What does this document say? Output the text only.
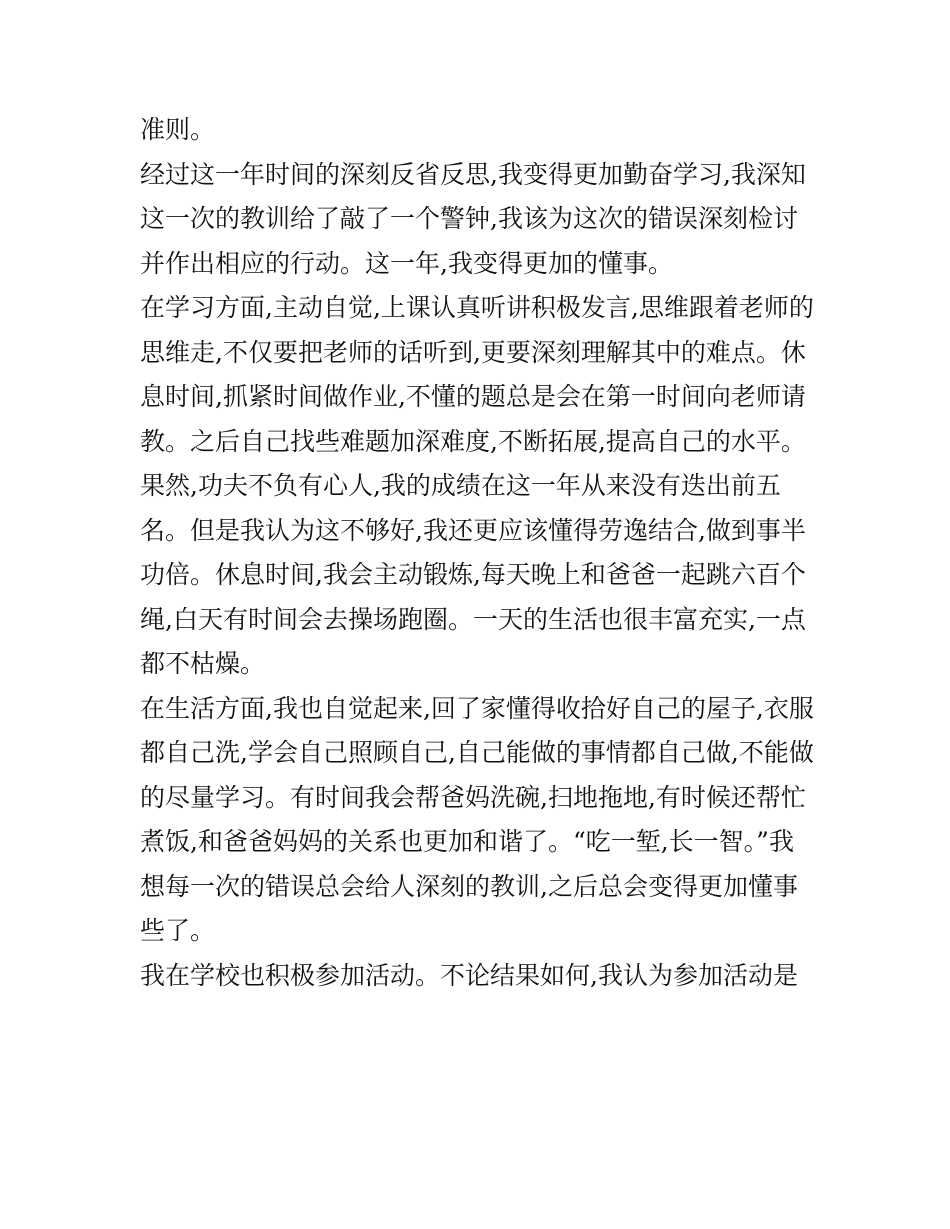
准则。
经过这一年时间的深刻反省反思,我变得更加勤奋学习,我深知
这一次的教训给了敲了一个警钟,我该为这次的错误深刻检讨
并作出相应的行动。这一年,我变得更加的懂事。
在学习方面,主动自觉,上课认真听讲积极发言,思维跟着老师的
思维走,不仅要把老师的话听到,更要深刻理解其中的难点。休
息时间,抓紧时间做作业,不懂的题总是会在第一时间向老师请
教。之后自己找些难题加深难度,不断拓展,提高自己的水平。
果然,功夫不负有心人,我的成绩在这一年从来没有迭出前五
名。但是我认为这不够好,我还更应该懂得劳逸结合,做到事半
功倍。休息时间,我会主动锻炼,每天晚上和爸爸一起跳六百个
绳,白天有时间会去操场跑圈。一天的生活也很丰富充实,一点
都不枯燥。
在生活方面,我也自觉起来,回了家懂得收拾好自己的屋子,衣服
都自己洗,学会自己照顾自己,自己能做的事情都自己做,不能做
的尽量学习。有时间我会帮爸妈洗碗,扫地拖地,有时候还帮忙
煮饭,和爸爸妈妈的关系也更加和谐了。“吃一堑,长一智。”我
想每一次的错误总会给人深刻的教训,之后总会变得更加懂事
些了。
我在学校也积极参加活动。不论结果如何,我认为参加活动是
